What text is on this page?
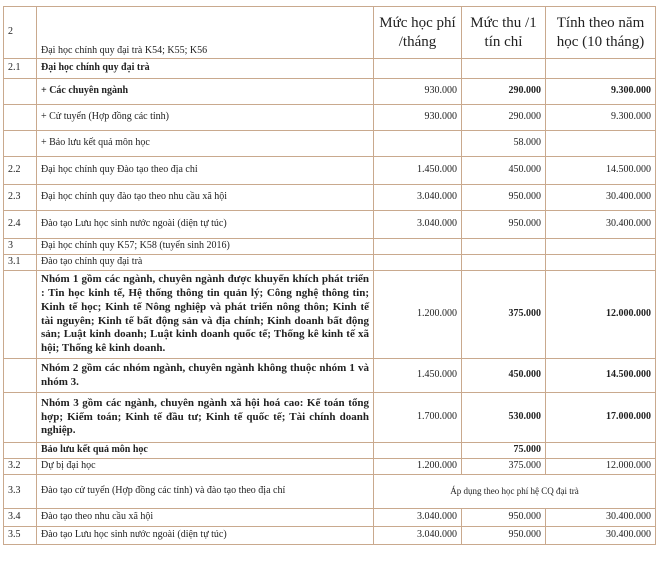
2	Đại học chính quy đại trà K54; K55; K56	Mức học phí /tháng	Mức thu /1 tín chỉ	Tính theo năm học (10 tháng)
2.1	Đại học chính quy đại trà			
	+ Các chuyên ngành	930.000	290.000	9.300.000
	+ Cử tuyển (Hợp đồng các tỉnh)	930.000	290.000	9.300.000
	+ Bảo lưu kết quả môn học		58.000	
2.2	Đại học chính quy Đào tạo theo địa chỉ	1.450.000	450.000	14.500.000
2.3	Đại học chính quy đào tạo theo nhu cầu xã hội	3.040.000	950.000	30.400.000
2.4	Đào tạo Lưu học sinh nước ngoài (diện tự túc)	3.040.000	950.000	30.400.000
3	Đại học chính quy K57; K58 (tuyển sinh 2016)			
3.1	Đào tạo chính quy đại trà			
	Nhóm 1 gồm các ngành, chuyên ngành được khuyến khích phát triển : Tin học kinh tế, Hệ thống thông tin quản lý; Công nghệ thông tin; Kinh tế học; Kinh tế Nông nghiệp và phát triển nông thôn; Kinh tế tài nguyên; Kinh tế bất động sản và địa chính; Kinh doanh bất động sản; Luật kinh doanh; Luật kinh doanh quốc tế; Thống kê kinh tế xã hội; Thống kê kinh doanh.	1.200.000	375.000	12.000.000
	Nhóm 2 gồm các nhóm ngành, chuyên ngành không thuộc nhóm 1 và nhóm 3.	1.450.000	450.000	14.500.000
	Nhóm 3 gồm các ngành, chuyên ngành xã hội hoá cao: Kế toán tổng hợp; Kiểm toán; Kinh tế đầu tư; Kinh tế quốc tế; Tài chính doanh nghiệp.	1.700.000	530.000	17.000.000
	Bảo lưu kết quả môn học		75.000	
3.2	Dự bị đại học	1.200.000	375.000	12.000.000
3.3	Đào tạo cử tuyển (Hợp đồng các tỉnh) và đào tạo theo địa chỉ	Áp dụng theo học phí hệ CQ đại trà		
3.4	Đào tạo theo nhu cầu xã hội	3.040.000	950.000	30.400.000
3.5	Đào tạo Lưu học sinh nước ngoài (diện tự túc)	3.040.000	950.000	30.400.000
